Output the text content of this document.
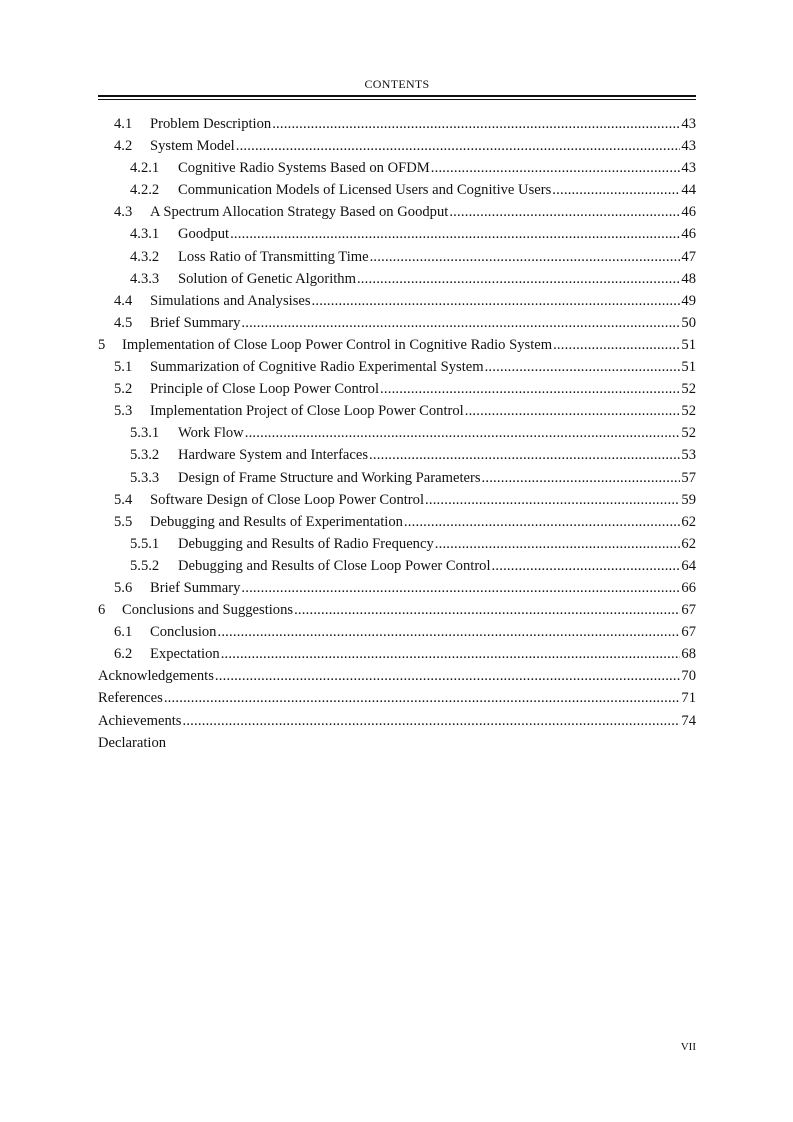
CONTENTS
4.1	Problem Description .....	43
4.2	System Model .....	43
4.2.1	Cognitive Radio Systems Based on OFDM .....	43
4.2.2	Communication Models of Licensed Users and Cognitive Users .....	44
4.3	A Spectrum Allocation Strategy Based on Goodput .....	46
4.3.1	Goodput .....	46
4.3.2	Loss Ratio of Transmitting Time .....	47
4.3.3	Solution of Genetic Algorithm .....	48
4.4	Simulations and Analysises .....	49
4.5	Brief Summary .....	50
5	Implementation of Close Loop Power Control in Cognitive Radio System .....	51
5.1	Summarization of Cognitive Radio Experimental System .....	51
5.2	Principle of Close Loop Power Control .....	52
5.3	Implementation Project of Close Loop Power Control .....	52
5.3.1	Work Flow .....	52
5.3.2	Hardware System and Interfaces .....	53
5.3.3	Design of Frame Structure and Working Parameters .....	57
5.4	Software Design of Close Loop Power Control .....	59
5.5	Debugging and Results of Experimentation .....	62
5.5.1	Debugging and Results of Radio Frequency .....	62
5.5.2	Debugging and Results of Close Loop Power Control .....	64
5.6	Brief Summary .....	66
6	Conclusions and Suggestions .....	67
6.1	Conclusion .....	67
6.2	Expectation .....	68
Acknowledgements .....	70
References .....	71
Achievements .....	74
Declaration
VII
